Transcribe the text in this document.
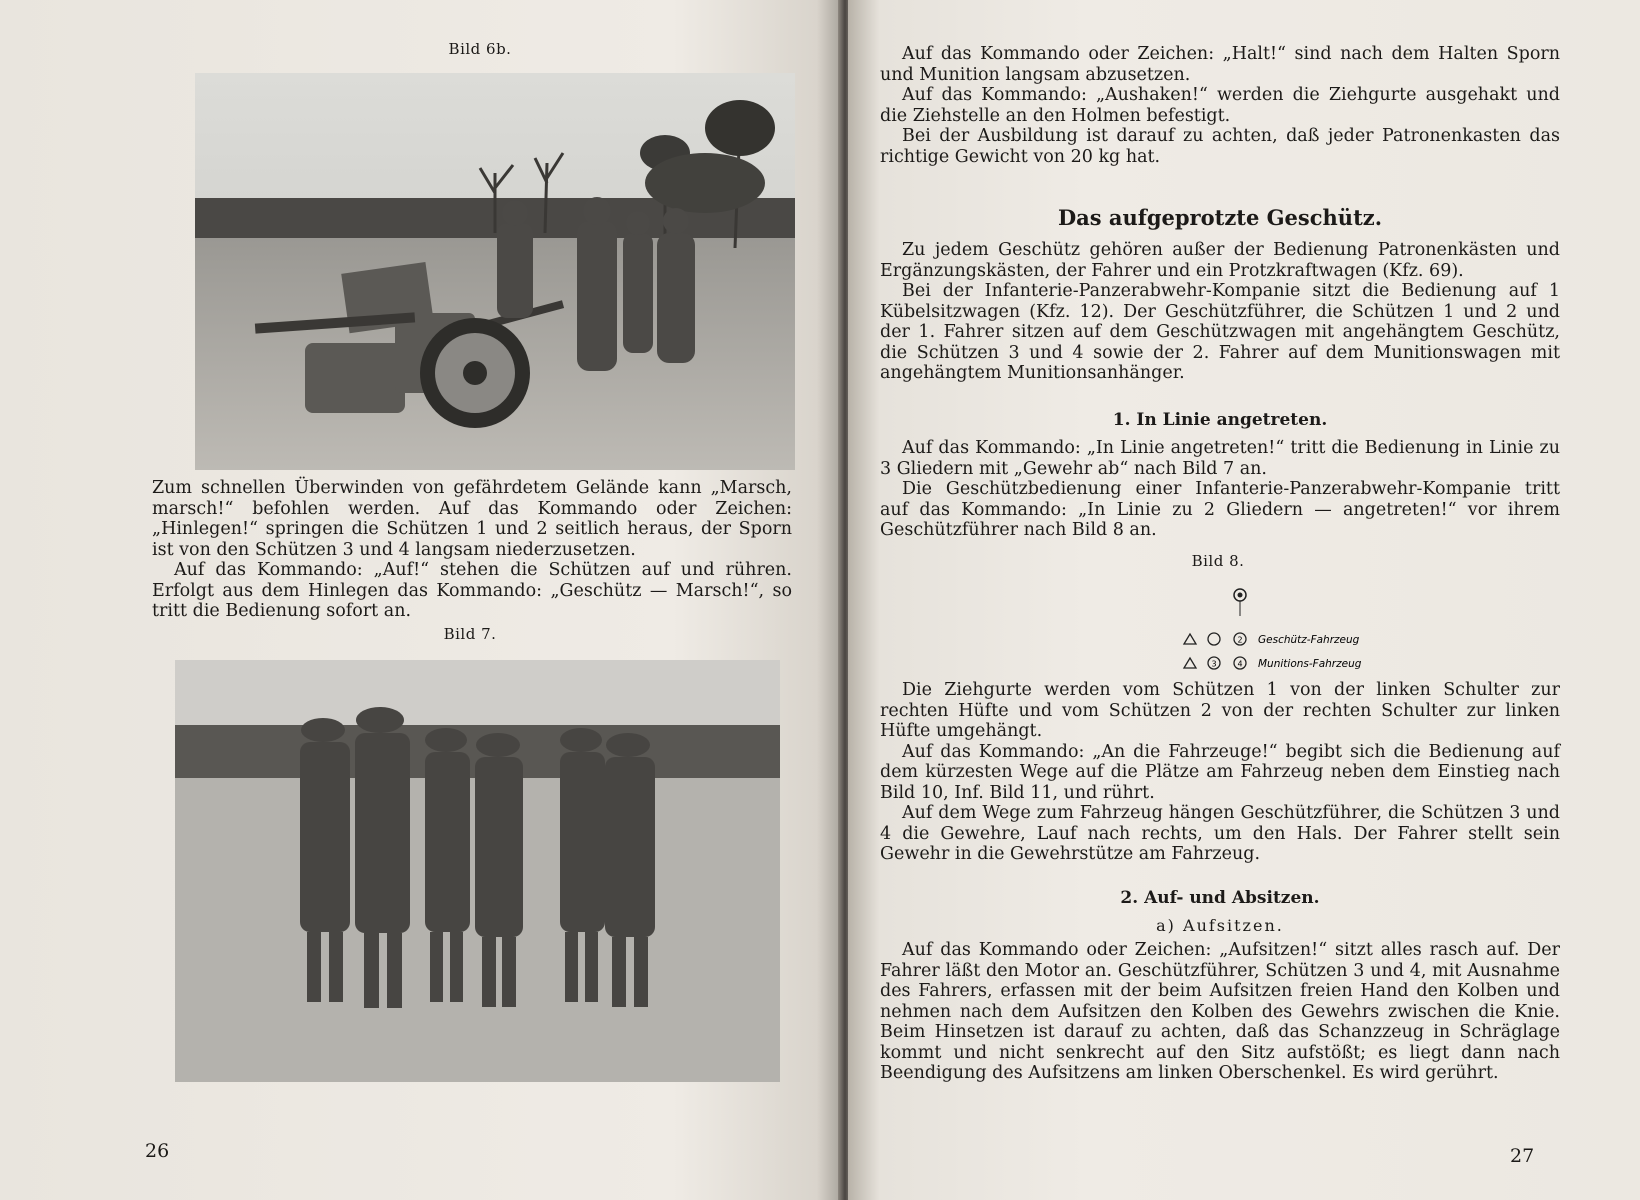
Bild 6b.

Zum schnellen Überwinden von gefährdetem Gelände kann „Marsch, marsch!“ befohlen werden. Auf das Kommando oder Zeichen: „Hinlegen!“ springen die Schützen 1 und 2 seitlich heraus, der Sporn ist von den Schützen 3 und 4 langsam niederzusetzen.

Auf das Kommando: „Auf!“ stehen die Schützen auf und rühren. Erfolgt aus dem Hinlegen das Kommando: „Geschütz — Marsch!“, so tritt die Bedienung sofort an.

Bild 7.
26

Auf das Kommando oder Zeichen: „Halt!“ sind nach dem Halten Sporn und Munition langsam abzusetzen.

Auf das Kommando: „Aushaken!“ werden die Ziehgurte ausgehakt und die Ziehstelle an den Holmen befestigt.

Bei der Ausbildung ist darauf zu achten, daß jeder Patronenkasten das richtige Gewicht von 20 kg hat.

Das aufgeprotzte Geschütz.

Zu jedem Geschütz gehören außer der Bedienung Patronenkästen und Ergänzungskästen, der Fahrer und ein Protzkraftwagen (Kfz. 69).

Bei der Infanterie-Panzerabwehr-Kompanie sitzt die Bedienung auf 1 Kübelsitzwagen (Kfz. 12). Der Geschützführer, die Schützen 1 und 2 und der 1. Fahrer sitzen auf dem Geschützwagen mit angehängtem Geschütz, die Schützen 3 und 4 sowie der 2. Fahrer auf dem Munitionswagen mit angehängtem Munitionsanhänger.

1. In Linie angetreten.

Auf das Kommando: „In Linie angetreten!“ tritt die Bedienung in Linie zu 3 Gliedern mit „Gewehr ab“ nach Bild 7 an.

Die Geschützbedienung einer Infanterie-Panzerabwehr-Kompanie tritt auf das Kommando: „In Linie zu 2 Gliedern — angetreten!“ vor ihrem Geschützführer nach Bild 8 an.

Bild 8.
2 Geschütz-Fahrzeug
3	4 Munitions-Fahrzeug

Die Ziehgurte werden vom Schützen 1 von der linken Schulter zur rechten Hüfte und vom Schützen 2 von der rechten Schulter zur linken Hüfte umgehängt.

Auf das Kommando: „An die Fahrzeuge!“ begibt sich die Bedienung auf dem kürzesten Wege auf die Plätze am Fahrzeug neben dem Einstieg nach Bild 10, Inf. Bild 11, und rührt.

Auf dem Wege zum Fahrzeug hängen Geschützführer, die Schützen 3 und 4 die Gewehre, Lauf nach rechts, um den Hals. Der Fahrer stellt sein Gewehr in die Gewehrstütze am Fahrzeug.

2. Auf- und Absitzen.
a) Aufsitzen.

Auf das Kommando oder Zeichen: „Aufsitzen!“ sitzt alles rasch auf. Der Fahrer läßt den Motor an. Geschützführer, Schützen 3 und 4, mit Ausnahme des Fahrers, erfassen mit der beim Aufsitzen freien Hand den Kolben und nehmen nach dem Aufsitzen den Kolben des Gewehrs zwischen die Knie. Beim Hinsetzen ist darauf zu achten, daß das Schanzzeug in Schräglage kommt und nicht senkrecht auf den Sitz aufstößt; es liegt dann nach Beendigung des Aufsitzens am linken Oberschenkel. Es wird gerührt.

27
